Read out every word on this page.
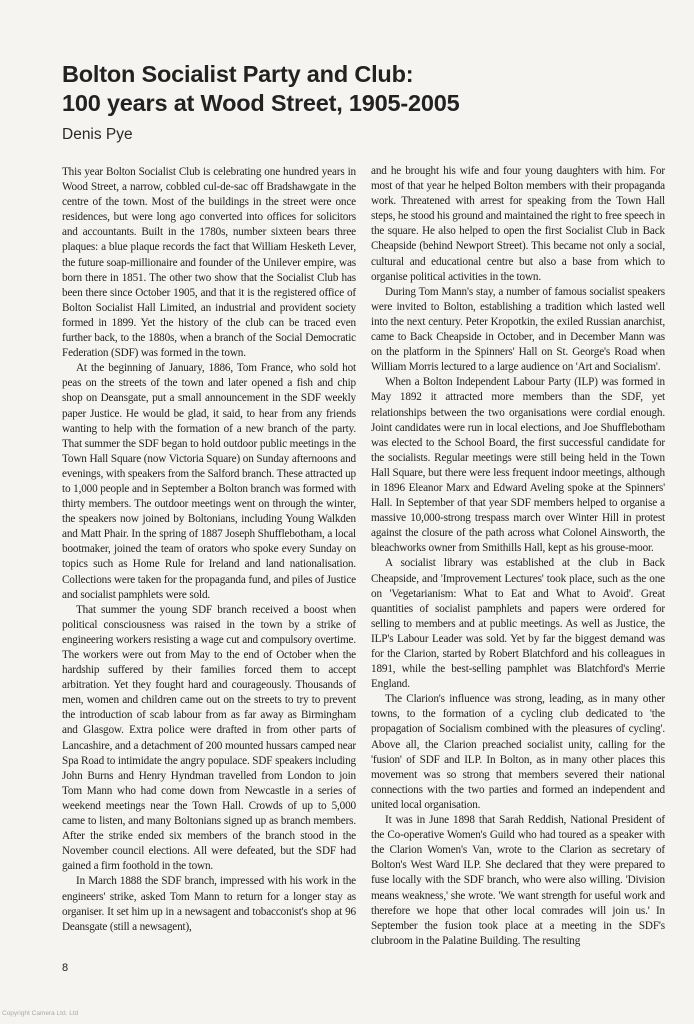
Bolton Socialist Party and Club:
100 years at Wood Street, 1905-2005
Denis Pye

This year Bolton Socialist Club is celebrating one hundred years in Wood Street, a narrow, cobbled cul-de-sac off Bradshawgate in the centre of the town. Most of the buildings in the street were once residences, but were long ago converted into offices for solicitors and accountants. Built in the 1780s, number sixteen bears three plaques: a blue plaque records the fact that William Hesketh Lever, the future soap-millionaire and founder of the Unilever empire, was born there in 1851. The other two show that the Socialist Club has been there since October 1905, and that it is the registered office of Bolton Socialist Hall Limited, an industrial and provident society formed in 1899. Yet the history of the club can be traced even further back, to the 1880s, when a branch of the Social Democratic Federation (SDF) was formed in the town.

At the beginning of January, 1886, Tom France, who sold hot peas on the streets of the town and later opened a fish and chip shop on Deansgate, put a small announcement in the SDF weekly paper Justice. He would be glad, it said, to hear from any friends wanting to help with the formation of a new branch of the party. That summer the SDF began to hold outdoor public meetings in the Town Hall Square (now Victoria Square) on Sunday afternoons and evenings, with speakers from the Salford branch. These attracted up to 1,000 people and in September a Bolton branch was formed with thirty members. The outdoor meetings went on through the winter, the speakers now joined by Boltonians, including Young Walkden and Matt Phair. In the spring of 1887 Joseph Shufflebotham, a local bootmaker, joined the team of orators who spoke every Sunday on topics such as Home Rule for Ireland and land nationalisation. Collections were taken for the propaganda fund, and piles of Justice and socialist pamphlets were sold.

That summer the young SDF branch received a boost when political consciousness was raised in the town by a strike of engineering workers resisting a wage cut and compulsory overtime. The workers were out from May to the end of October when the hardship suffered by their families forced them to accept arbitration. Yet they fought hard and courageously. Thousands of men, women and children came out on the streets to try to prevent the introduction of scab labour from as far away as Birmingham and Glasgow. Extra police were drafted in from other parts of Lancashire, and a detachment of 200 mounted hussars camped near Spa Road to intimidate the angry populace. SDF speakers including John Burns and Henry Hyndman travelled from London to join Tom Mann who had come down from Newcastle in a series of weekend meetings near the Town Hall. Crowds of up to 5,000 came to listen, and many Boltonians signed up as branch members. After the strike ended six members of the branch stood in the November council elections. All were defeated, but the SDF had gained a firm foothold in the town.

In March 1888 the SDF branch, impressed with his work in the engineers' strike, asked Tom Mann to return for a longer stay as organiser. It set him up in a newsagent and tobacconist's shop at 96 Deansgate (still a newsagent),

and he brought his wife and four young daughters with him. For most of that year he helped Bolton members with their propaganda work. Threatened with arrest for speaking from the Town Hall steps, he stood his ground and maintained the right to free speech in the square. He also helped to open the first Socialist Club in Back Cheapside (behind Newport Street). This became not only a social, cultural and educational centre but also a base from which to organise political activities in the town.

During Tom Mann's stay, a number of famous socialist speakers were invited to Bolton, establishing a tradition which lasted well into the next century. Peter Kropotkin, the exiled Russian anarchist, came to Back Cheapside in October, and in December Mann was on the platform in the Spinners' Hall on St. George's Road when William Morris lectured to a large audience on 'Art and Socialism'.

When a Bolton Independent Labour Party (ILP) was formed in May 1892 it attracted more members than the SDF, yet relationships between the two organisations were cordial enough. Joint candidates were run in local elections, and Joe Shufflebotham was elected to the School Board, the first successful candidate for the socialists. Regular meetings were still being held in the Town Hall Square, but there were less frequent indoor meetings, although in 1896 Eleanor Marx and Edward Aveling spoke at the Spinners' Hall. In September of that year SDF members helped to organise a massive 10,000-strong trespass march over Winter Hill in protest against the closure of the path across what Colonel Ainsworth, the bleachworks owner from Smithills Hall, kept as his grouse-moor.

A socialist library was established at the club in Back Cheapside, and 'Improvement Lectures' took place, such as the one on 'Vegetarianism: What to Eat and What to Avoid'. Great quantities of socialist pamphlets and papers were ordered for selling to members and at public meetings. As well as Justice, the ILP's Labour Leader was sold. Yet by far the biggest demand was for the Clarion, started by Robert Blatchford and his colleagues in 1891, while the best-selling pamphlet was Blatchford's Merrie England.

The Clarion's influence was strong, leading, as in many other towns, to the formation of a cycling club dedicated to 'the propagation of Socialism combined with the pleasures of cycling'. Above all, the Clarion preached socialist unity, calling for the 'fusion' of SDF and ILP. In Bolton, as in many other places this movement was so strong that members severed their national connections with the two parties and formed an independent and united local organisation.

It was in June 1898 that Sarah Reddish, National President of the Co-operative Women's Guild who had toured as a speaker with the Clarion Women's Van, wrote to the Clarion as secretary of Bolton's West Ward ILP. She declared that they were prepared to fuse locally with the SDF branch, who were also willing. 'Division means weakness,' she wrote. 'We want strength for useful work and therefore we hope that other local comrades will join us.' In September the fusion took place at a meeting in the SDF's clubroom in the Palatine Building. The resulting

8
Copyright Camera Ltd. Ltd
